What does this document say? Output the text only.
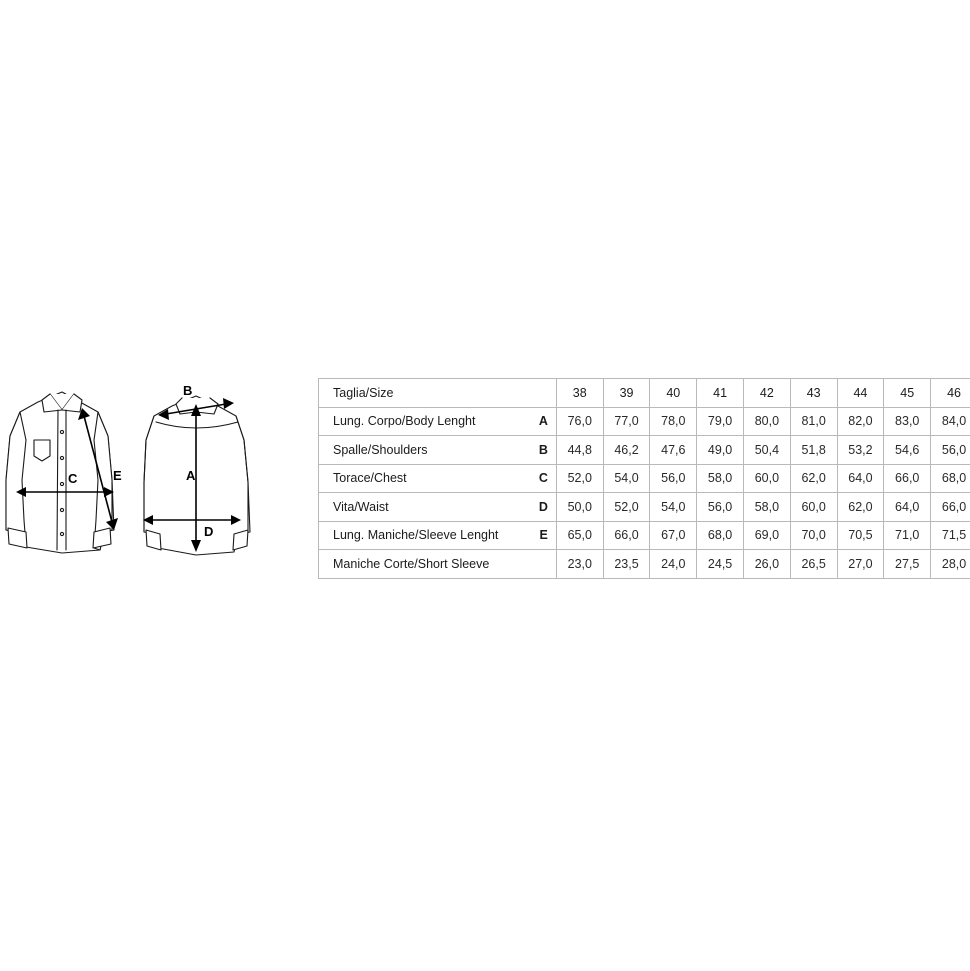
C	E
B
A
D
Taglia/Size	38	39	40	41	42	43	44	45	46
Lung. Corpo/Body Lenght A	76,0	77,0	78,0	79,0	80,0	81,0	82,0	83,0	84,0
Spalle/Shoulders B	44,8	46,2	47,6	49,0	50,4	51,8	53,2	54,6	56,0
Torace/Chest C	52,0	54,0	56,0	58,0	60,0	62,0	64,0	66,0	68,0
Vita/Waist D	50,0	52,0	54,0	56,0	58,0	60,0	62,0	64,0	66,0
Lung. Maniche/Sleeve Lenght E	65,0	66,0	67,0	68,0	69,0	70,0	70,5	71,0	71,5
Maniche Corte/Short Sleeve	23,0	23,5	24,0	24,5	26,0	26,5	27,0	27,5	28,0
